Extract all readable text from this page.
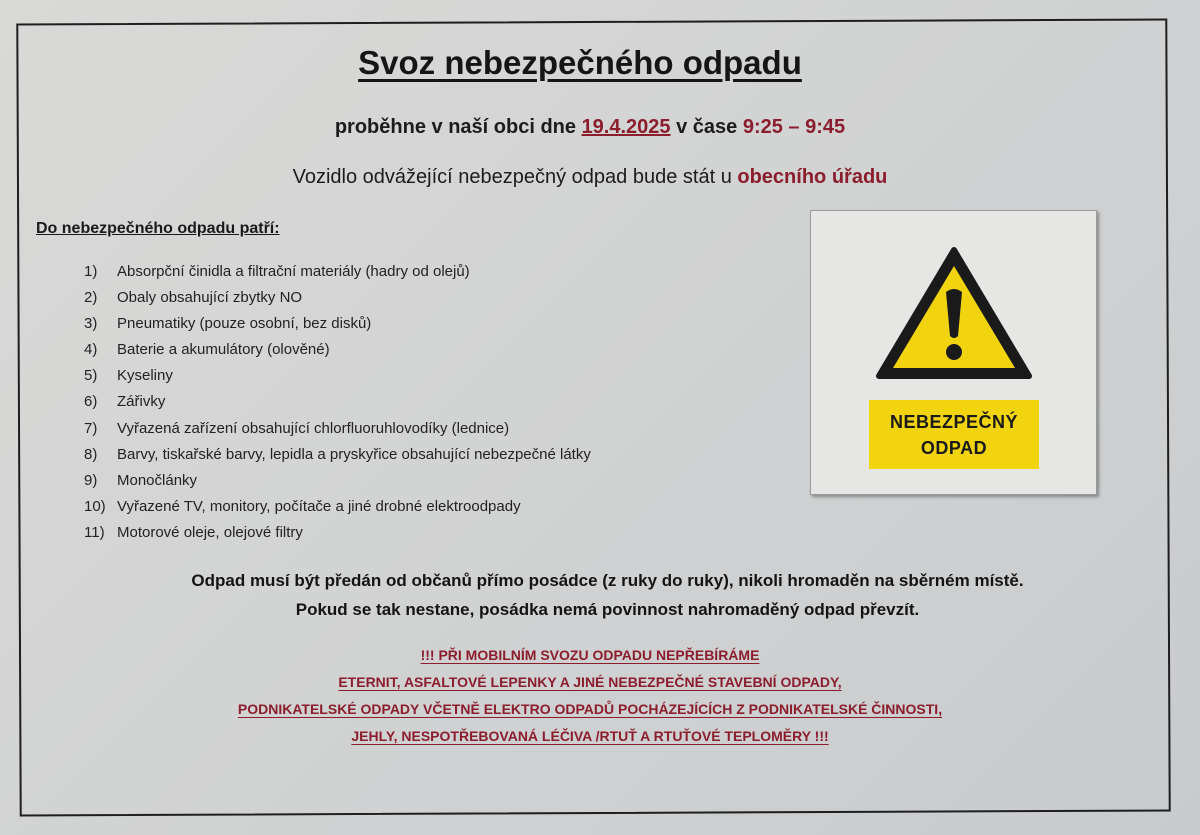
Svoz nebezpečného odpadu
proběhne v naší obci dne 19.4.2025 v čase 9:25 – 9:45
Vozidlo odvážející nebezpečný odpad bude stát u obecního úřadu
Do nebezpečného odpadu patří:
1)	Absorpční činidla a filtrační materiály (hadry od olejů)
2)	Obaly obsahující zbytky NO
3)	Pneumatiky (pouze osobní, bez disků)
4)	Baterie a akumulátory (olověné)
5)	Kyseliny
6)	Zářivky
7)	Vyřazená zařízení obsahující chlorfluoruhlovodíky (lednice)
8)	Barvy, tiskařské barvy, lepidla a pryskyřice obsahující nebezpečné látky
9)	Monočlánky
10) Vyřazené TV, monitory, počítače a jiné drobné elektroodpady
11) Motorové oleje, olejové filtry
NEBEZPEČNÝ
ODPAD
Odpad musí být předán od občanů přímo posádce (z ruky do ruky), nikoli hromaděn na sběrném místě.
Pokud se tak nestane, posádka nemá povinnost nahromaděný odpad převzít.
!!! PŘI MOBILNÍM SVOZU ODPADU NEPŘEBÍRÁME
ETERNIT, ASFALTOVÉ LEPENKY A JINÉ NEBEZPEČNÉ STAVEBNÍ ODPADY,
PODNIKATELSKÉ ODPADY VČETNĚ ELEKTRO ODPADŮ POCHÁZEJÍCÍCH Z PODNIKATELSKÉ ČINNOSTI,
JEHLY, NESPOTŘEBOVANÁ LÉČIVA /RTUŤ A RTUŤOVÉ TEPLOMĚRY !!!
